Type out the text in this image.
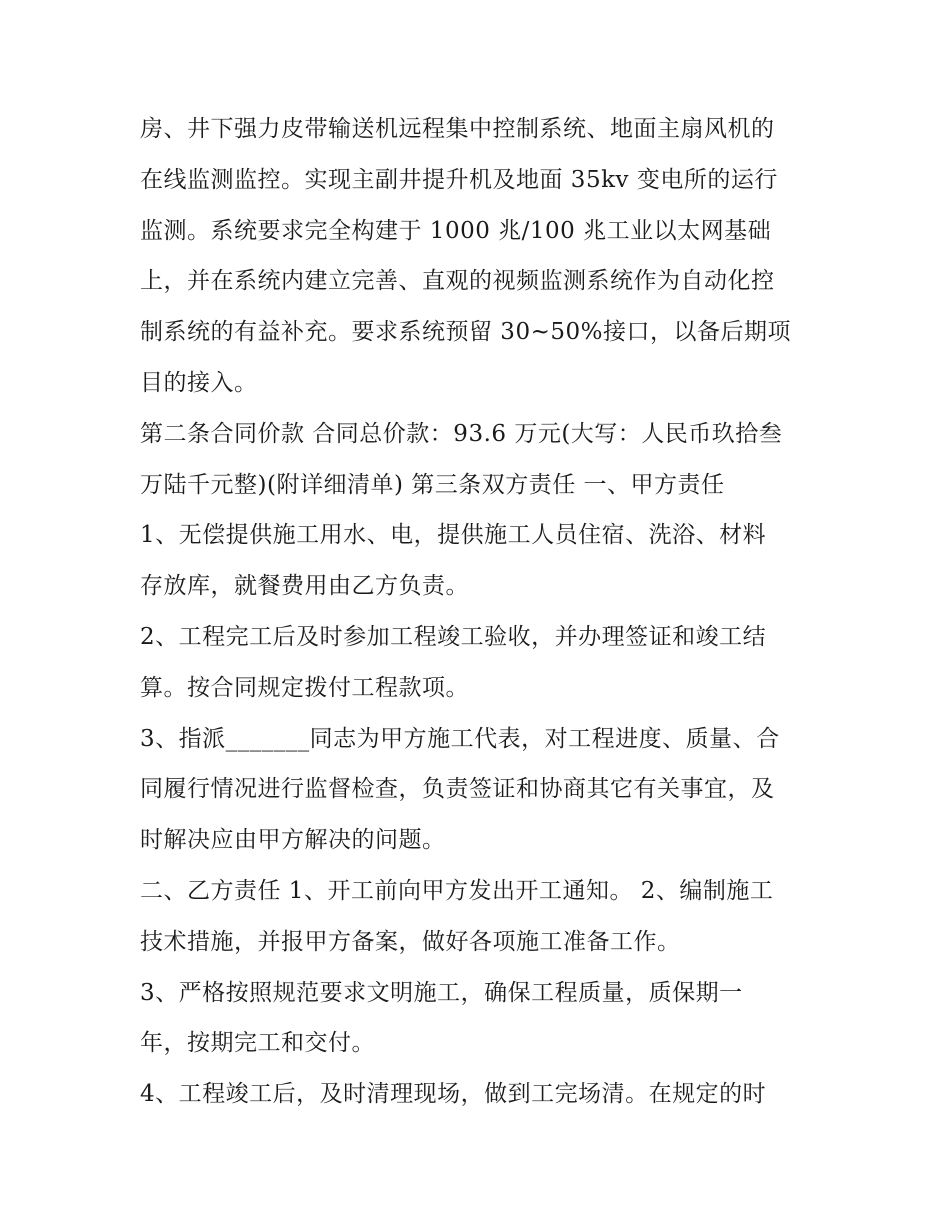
房、井下强力皮带输送机远程集中控制系统、地面主扇风机的
在线监测监控。实现主副井提升机及地面 35kv 变电所的运行
监测。系统要求完全构建于 1000 兆/100 兆工业以太网基础
上，并在系统内建立完善、直观的视频监测系统作为自动化控
制系统的有益补充。要求系统预留 30~50%接口，以备后期项
目的接入。
第二条合同价款 合同总价款：93.6 万元(大写：人民币玖拾叁
万陆千元整)(附详细清单) 第三条双方责任 一、甲方责任
1、无偿提供施工用水、电，提供施工人员住宿、洗浴、材料
存放库，就餐费用由乙方负责。
2、工程完工后及时参加工程竣工验收，并办理签证和竣工结
算。按合同规定拨付工程款项。
3、指派_______同志为甲方施工代表，对工程进度、质量、合
同履行情况进行监督检查，负责签证和协商其它有关事宜，及
时解决应由甲方解决的问题。
二、乙方责任 1、开工前向甲方发出开工通知。 2、编制施工
技术措施，并报甲方备案，做好各项施工准备工作。
3、严格按照规范要求文明施工，确保工程质量，质保期一
年，按期完工和交付。
4、工程竣工后，及时清理现场，做到工完场清。在规定的时
